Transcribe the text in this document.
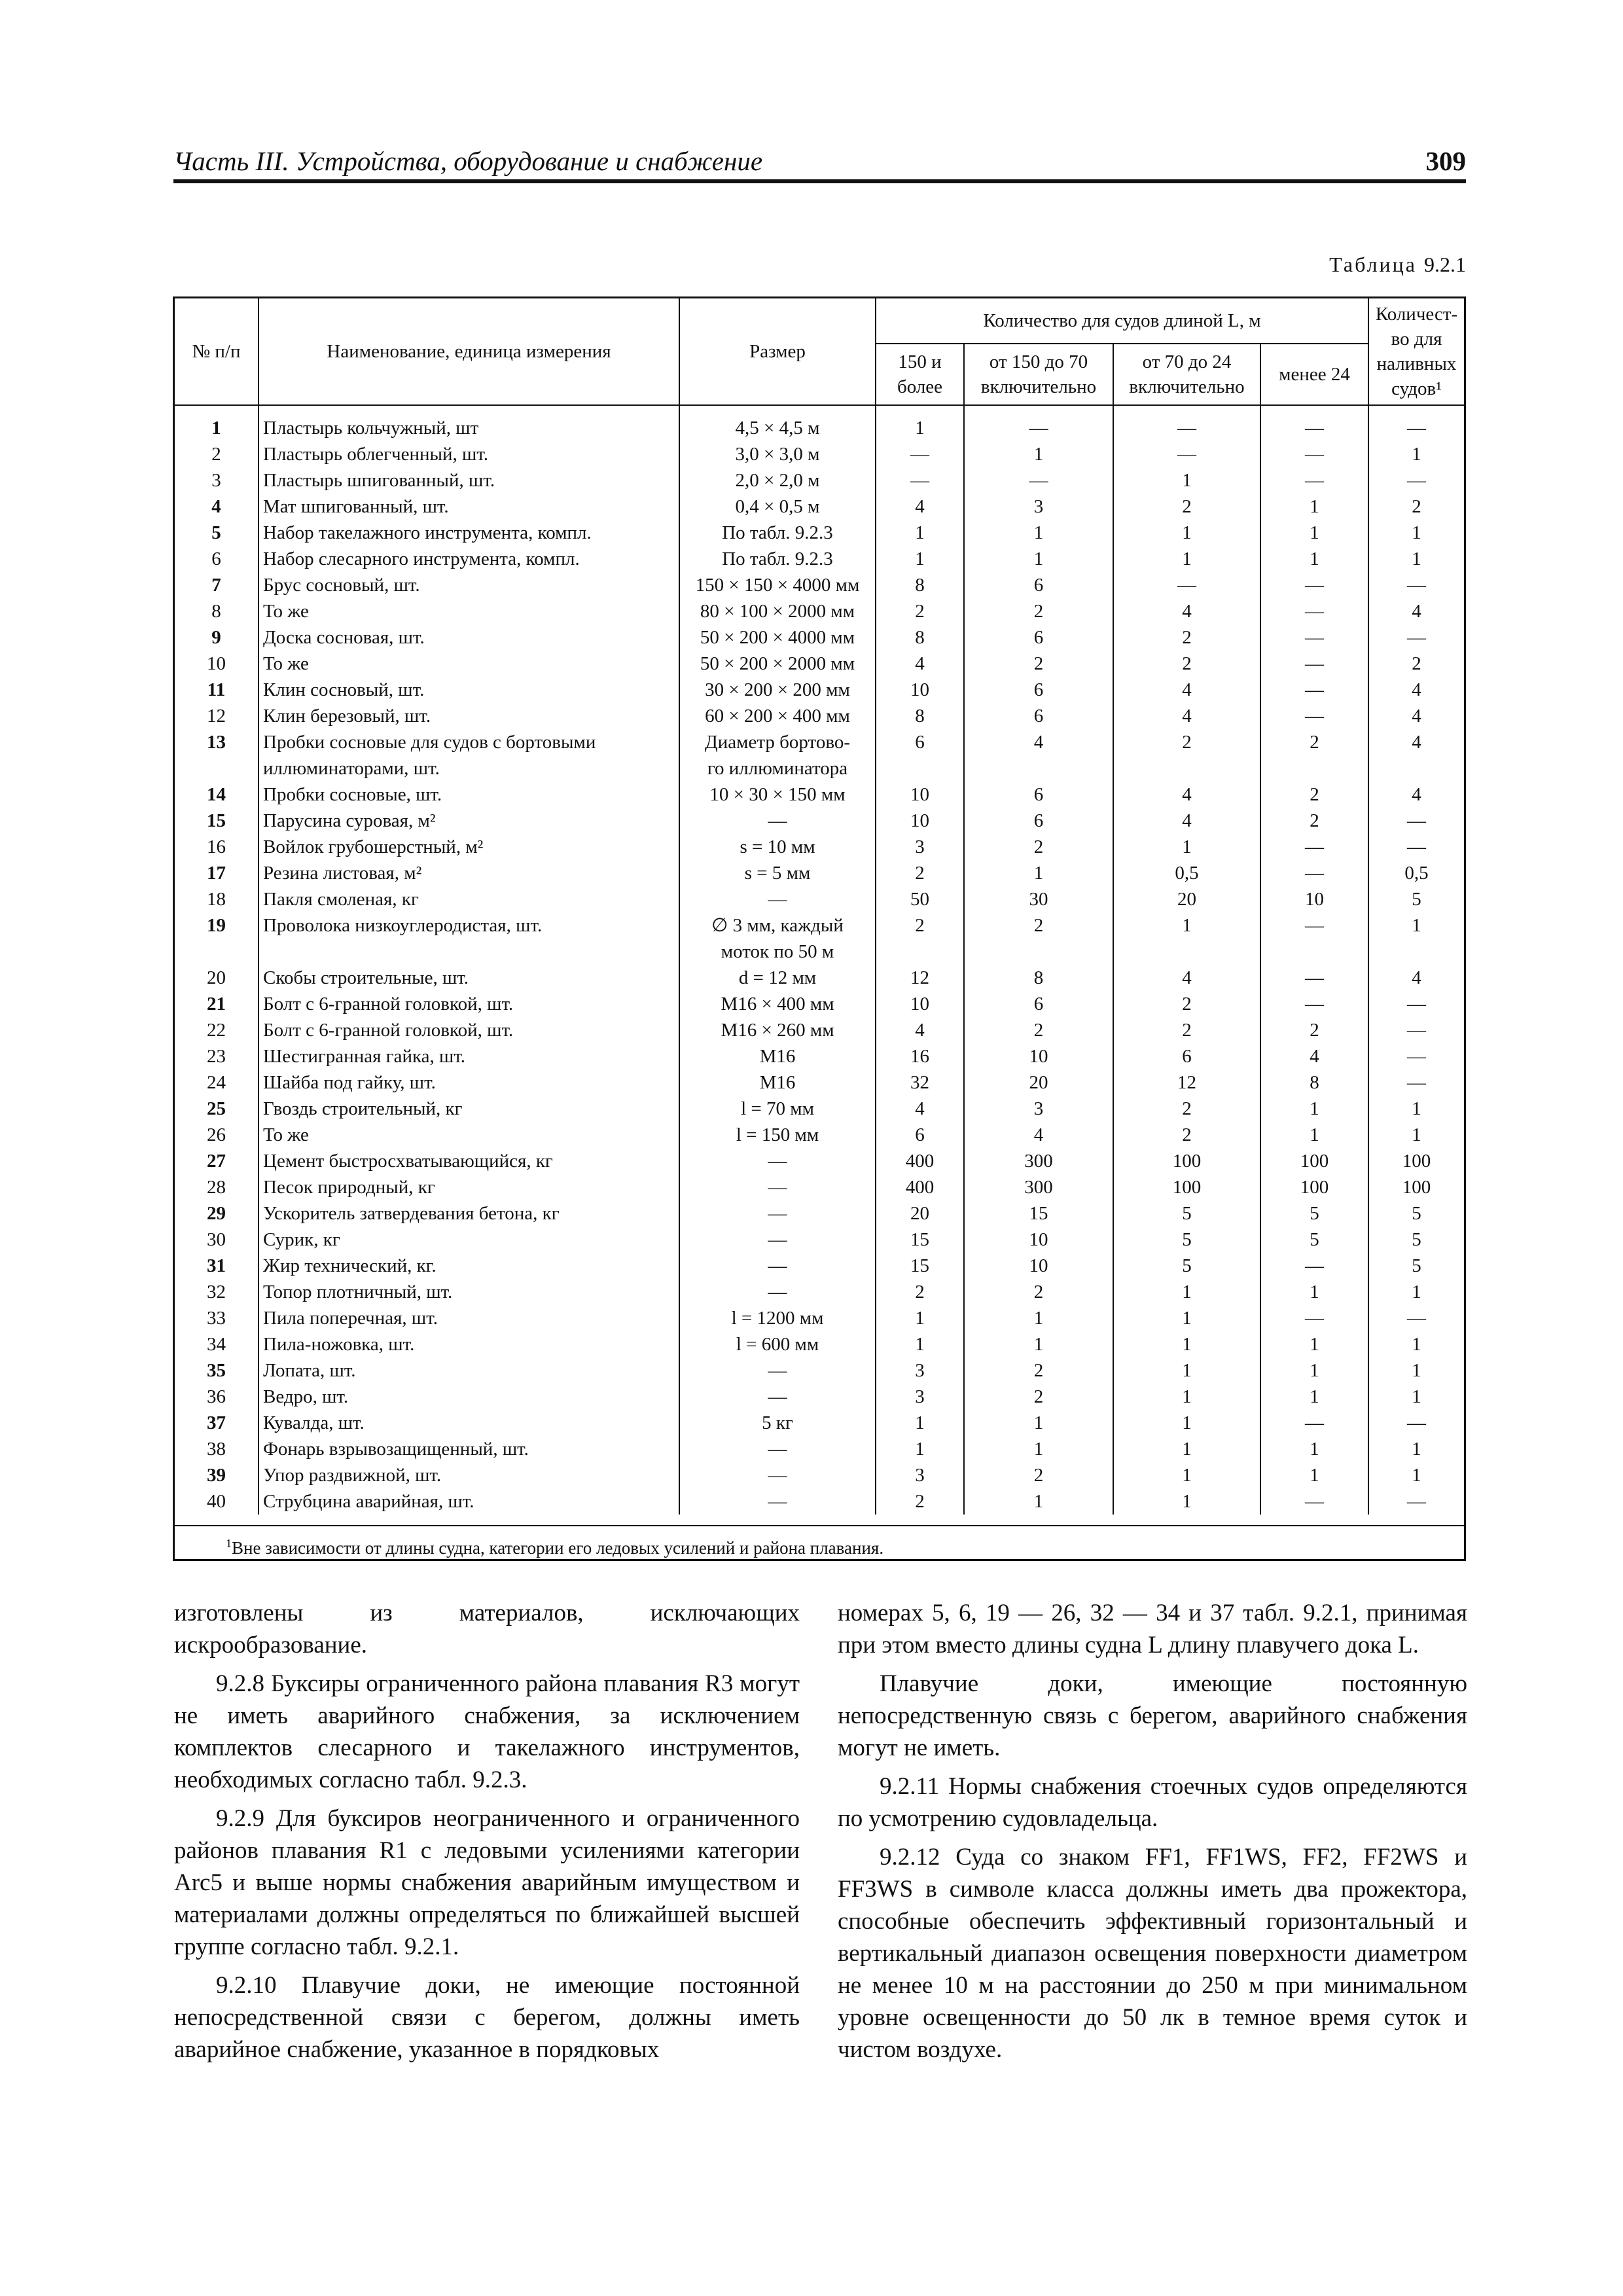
Часть III. Устройства, оборудование и снабжение	309
Таблица 9.2.1
№ п/п	Наименование, единица измерения	Размер	Количество для судов длиной L, м				Количест-во для наливных судов¹
			150 и более	от 150 до 70 включительно	от 70 до 24 включительно	менее 24	
1	Пластырь кольчужный, шт	4,5 × 4,5 м	1	—	—	—	—
2	Пластырь облегченный, шт.	3,0 × 3,0 м	—	1	—	—	1
3	Пластырь шпигованный, шт.	2,0 × 2,0 м	—	—	1	—	—
4	Мат шпигованный, шт.	0,4 × 0,5 м	4	3	2	1	2
5	Набор такелажного инструмента, компл.	По табл. 9.2.3	1	1	1	1	1
6	Набор слесарного инструмента, компл.	По табл. 9.2.3	1	1	1	1	1
7	Брус сосновый, шт.	150 × 150 × 4000 мм	8	6	—	—	—
8	То же	80 × 100 × 2000 мм	2	2	4	—	4
9	Доска сосновая, шт.	50 × 200 × 4000 мм	8	6	2	—	—
10	То же	50 × 200 × 2000 мм	4	2	2	—	2
11	Клин сосновый, шт.	30 × 200 × 200 мм	10	6	4	—	4
12	Клин березовый, шт.	60 × 200 × 400 мм	8	6	4	—	4
13	Пробки сосновые для судов с бортовыми	Диаметр бортово-	6	4	2	2	4
	иллюминаторами, шт.	го иллюминатора					
14	Пробки сосновые, шт.	10 × 30 × 150 мм	10	6	4	2	4
15	Парусина суровая, м²	—	10	6	4	2	—
16	Войлок грубошерстный, м²	s = 10 мм	3	2	1	—	—
17	Резина листовая, м²	s = 5 мм	2	1	0,5	—	0,5
18	Пакля смоленая, кг	—	50	30	20	10	5
19	Проволока низкоуглеродистая, шт.	∅ 3 мм, каждый	2	2	1	—	1
		моток по 50 м					
20	Скобы строительные, шт.	d = 12 мм	12	8	4	—	4
21	Болт с 6-гранной головкой, шт.	М16 × 400 мм	10	6	2	—	—
22	Болт с 6-гранной головкой, шт.	М16 × 260 мм	4	2	2	2	—
23	Шестигранная гайка, шт.	М16	16	10	6	4	—
24	Шайба под гайку, шт.	М16	32	20	12	8	—
25	Гвоздь строительный, кг	l = 70 мм	4	3	2	1	1
26	То же	l = 150 мм	6	4	2	1	1
27	Цемент быстросхватывающийся, кг	—	400	300	100	100	100
28	Песок природный, кг	—	400	300	100	100	100
29	Ускоритель затвердевания бетона, кг	—	20	15	5	5	5
30	Сурик, кг	—	15	10	5	5	5
31	Жир технический, кг.	—	15	10	5	—	5
32	Топор плотничный, шт.	—	2	2	1	1	1
33	Пила поперечная, шт.	l = 1200 мм	1	1	1	—	—
34	Пила-ножовка, шт.	l = 600 мм	1	1	1	1	1
35	Лопата, шт.	—	3	2	1	1	1
36	Ведро, шт.	—	3	2	1	1	1
37	Кувалда, шт.	5 кг	1	1	1	—	—
38	Фонарь взрывозащищенный, шт.	—	1	1	1	1	1
39	Упор раздвижной, шт.	—	3	2	1	1	1
40	Струбцина аварийная, шт.	—	2	1	1	—	—
$^1$Вне зависимости от длины судна, категории его ледовых усилений и района плавания.

изготовлены из материалов, исключающих искрообразование.

9.2.8 Буксиры ограниченного района плавания R3 могут не иметь аварийного снабжения, за исключением комплектов слесарного и такелажного инструментов, необходимых согласно табл. 9.2.3.

9.2.9 Для буксиров неограниченного и ограниченного районов плавания R1 с ледовыми усилениями категории Arc5 и выше нормы снабжения аварийным имуществом и материалами должны определяться по ближайшей высшей группе согласно табл. 9.2.1.

9.2.10 Плавучие доки, не имеющие постоянной непосредственной связи с берегом, должны иметь аварийное снабжение, указанное в порядковых

номерах 5, 6, 19 — 26, 32 — 34 и 37 табл. 9.2.1, принимая при этом вместо длины судна L длину плавучего дока L.

Плавучие доки, имеющие постоянную непосредственную связь с берегом, аварийного снабжения могут не иметь.

9.2.11 Нормы снабжения стоечных судов определяются по усмотрению судовладельца.

9.2.12 Суда со знаком FF1, FF1WS, FF2, FF2WS и FF3WS в символе класса должны иметь два прожектора, способные обеспечить эффективный горизонтальный и вертикальный диапазон освещения поверхности диаметром не менее 10 м на расстоянии до 250 м при минимальном уровне освещенности до 50 лк в темное время суток и чистом воздухе.
